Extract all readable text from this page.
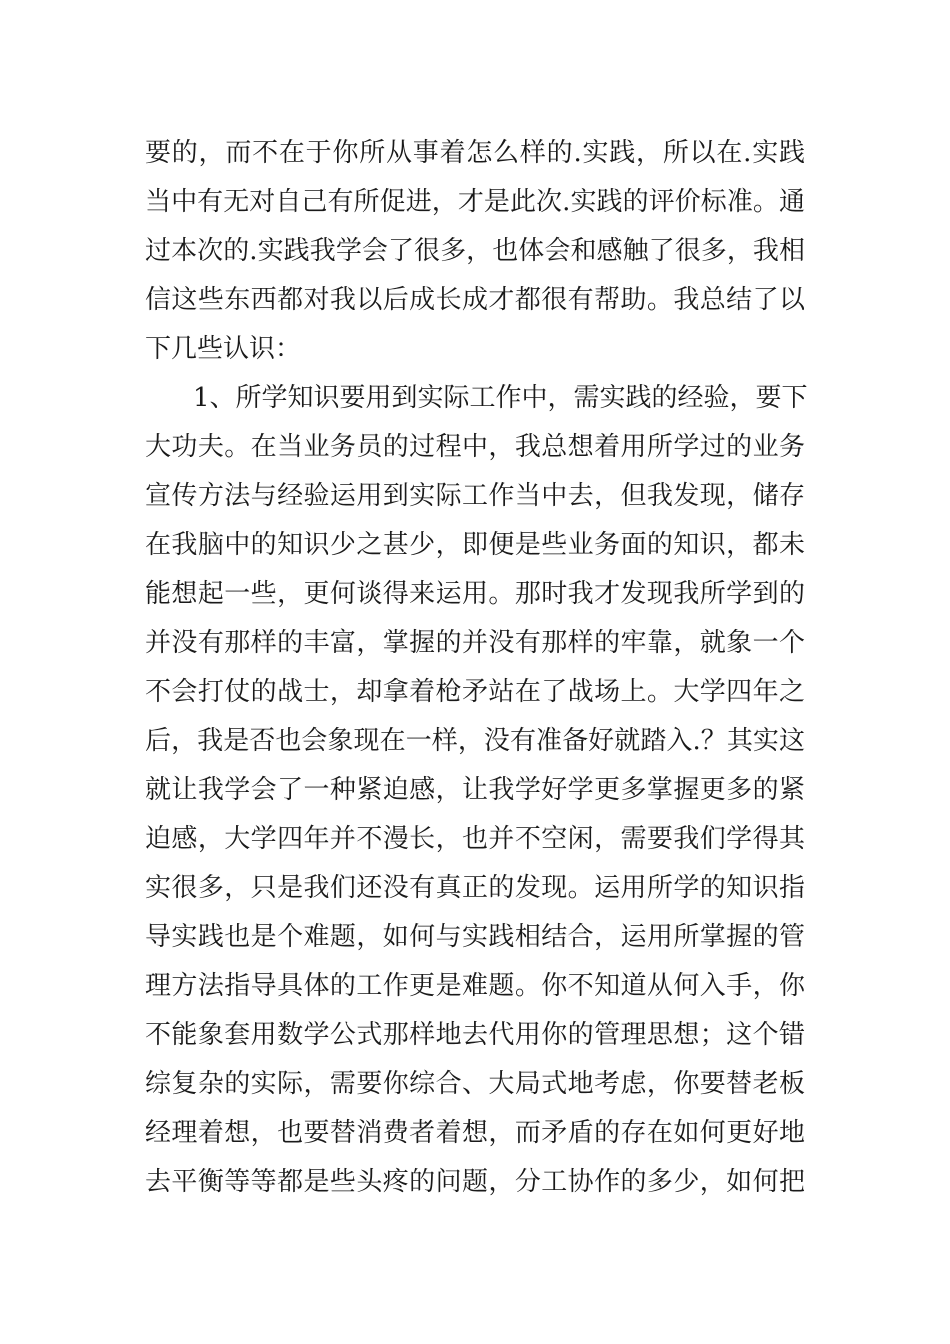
要的，而不在于你所从事着怎么样的.实践，所以在.实践
当中有无对自己有所促进，才是此次.实践的评价标准。通
过本次的.实践我学会了很多，也体会和感触了很多，我相
信这些东西都对我以后成长成才都很有帮助。我总结了以
下几些认识：
1、所学知识要用到实际工作中，需实践的经验，要下
大功夫。在当业务员的过程中，我总想着用所学过的业务
宣传方法与经验运用到实际工作当中去，但我发现，储存
在我脑中的知识少之甚少，即便是些业务面的知识，都未
能想起一些，更何谈得来运用。那时我才发现我所学到的
并没有那样的丰富，掌握的并没有那样的牢靠，就象一个
不会打仗的战士，却拿着枪矛站在了战场上。大学四年之
后，我是否也会象现在一样，没有准备好就踏入.？其实这
就让我学会了一种紧迫感，让我学好学更多掌握更多的紧
迫感，大学四年并不漫长，也并不空闲，需要我们学得其
实很多，只是我们还没有真正的发现。运用所学的知识指
导实践也是个难题，如何与实践相结合，运用所掌握的管
理方法指导具体的工作更是难题。你不知道从何入手，你
不能象套用数学公式那样地去代用你的管理思想；这个错
综复杂的实际，需要你综合、大局式地考虑，你要替老板
经理着想，也要替消费者着想，而矛盾的存在如何更好地
去平衡等等都是些头疼的问题，分工协作的多少，如何把
